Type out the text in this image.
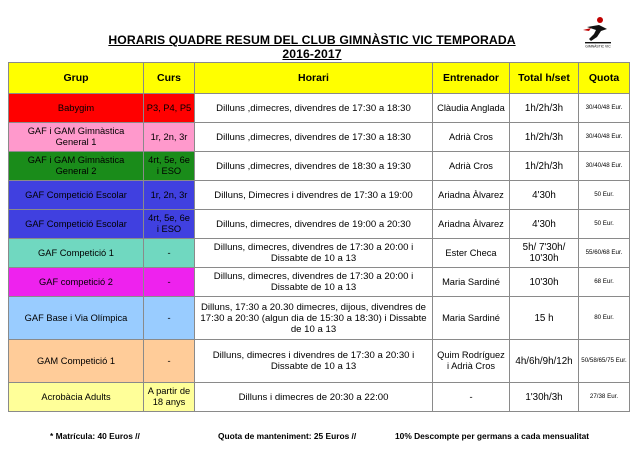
HORARIS QUADRE RESUM DEL CLUB GIMNÀSTIC VIC TEMPORADA 2016-2017
GIMNÀSTIC VIC
Grup	Curs	Horari	Entrenador	Total h/set	Quota
Babygim	P3, P4, P5	Dilluns ,dimecres, divendres de 17:30 a 18:30	Clàudia Anglada	1h/2h/3h	30/40/48 Eur.
GAF i GAM Gimnàstica General 1	1r, 2n, 3r	Dilluns ,dimecres, divendres de 17:30 a 18:30	Adrià Cros	1h/2h/3h	30/40/48 Eur.
GAF i GAM Gimnàstica General 2	4rt, 5e, 6e i ESO	Dilluns ,dimecres, divendres de 18:30 a 19:30	Adrià Cros	1h/2h/3h	30/40/48 Eur.
GAF Competició Escolar	1r, 2n, 3r	Dilluns, Dimecres i divendres de 17:30 a 19:00	Ariadna Àlvarez	4'30h	50 Eur.
GAF Competició Escolar	4rt, 5e, 6e i ESO	Dilluns, dimecres, divendres de 19:00 a 20:30	Ariadna Àlvarez	4'30h	50 Eur.
GAF Competició 1	-	Dilluns, dimecres, divendres de 17:30 a 20:00 i Dissabte de 10 a 13	Ester Checa	5h/ 7'30h/ 10'30h	55/60/68 Eur.
GAF competició 2	-	Dilluns, dimecres, divendres de 17:30 a 20:00 i Dissabte de 10 a 13	Maria Sardiné	10'30h	68 Eur.
GAF Base i Via Olímpica	-	Dilluns, 17:30 a 20.30 dimecres, dijous, divendres de 17:30 a 20:30 (algun dia de 15:30 a 18:30) i Dissabte de 10 a 13	Maria Sardiné	15 h	80 Eur.
GAM Competició 1	-	Dilluns, dimecres i divendres de 17:30 a 20:30 i Dissabte de 10 a 13	Quim Rodríguez i Adrià Cros	4h/6h/9h/12h	50/58/65/75 Eur.
Acrobàcia Adults	A partir de 18 anys	Dilluns i dimecres de 20:30 a 22:00	-	1'30h/3h	27/38 Eur.
* Matrícula: 40 Euros //	Quota de manteniment: 25 Euros //	10% Descompte per germans a cada mensualitat
